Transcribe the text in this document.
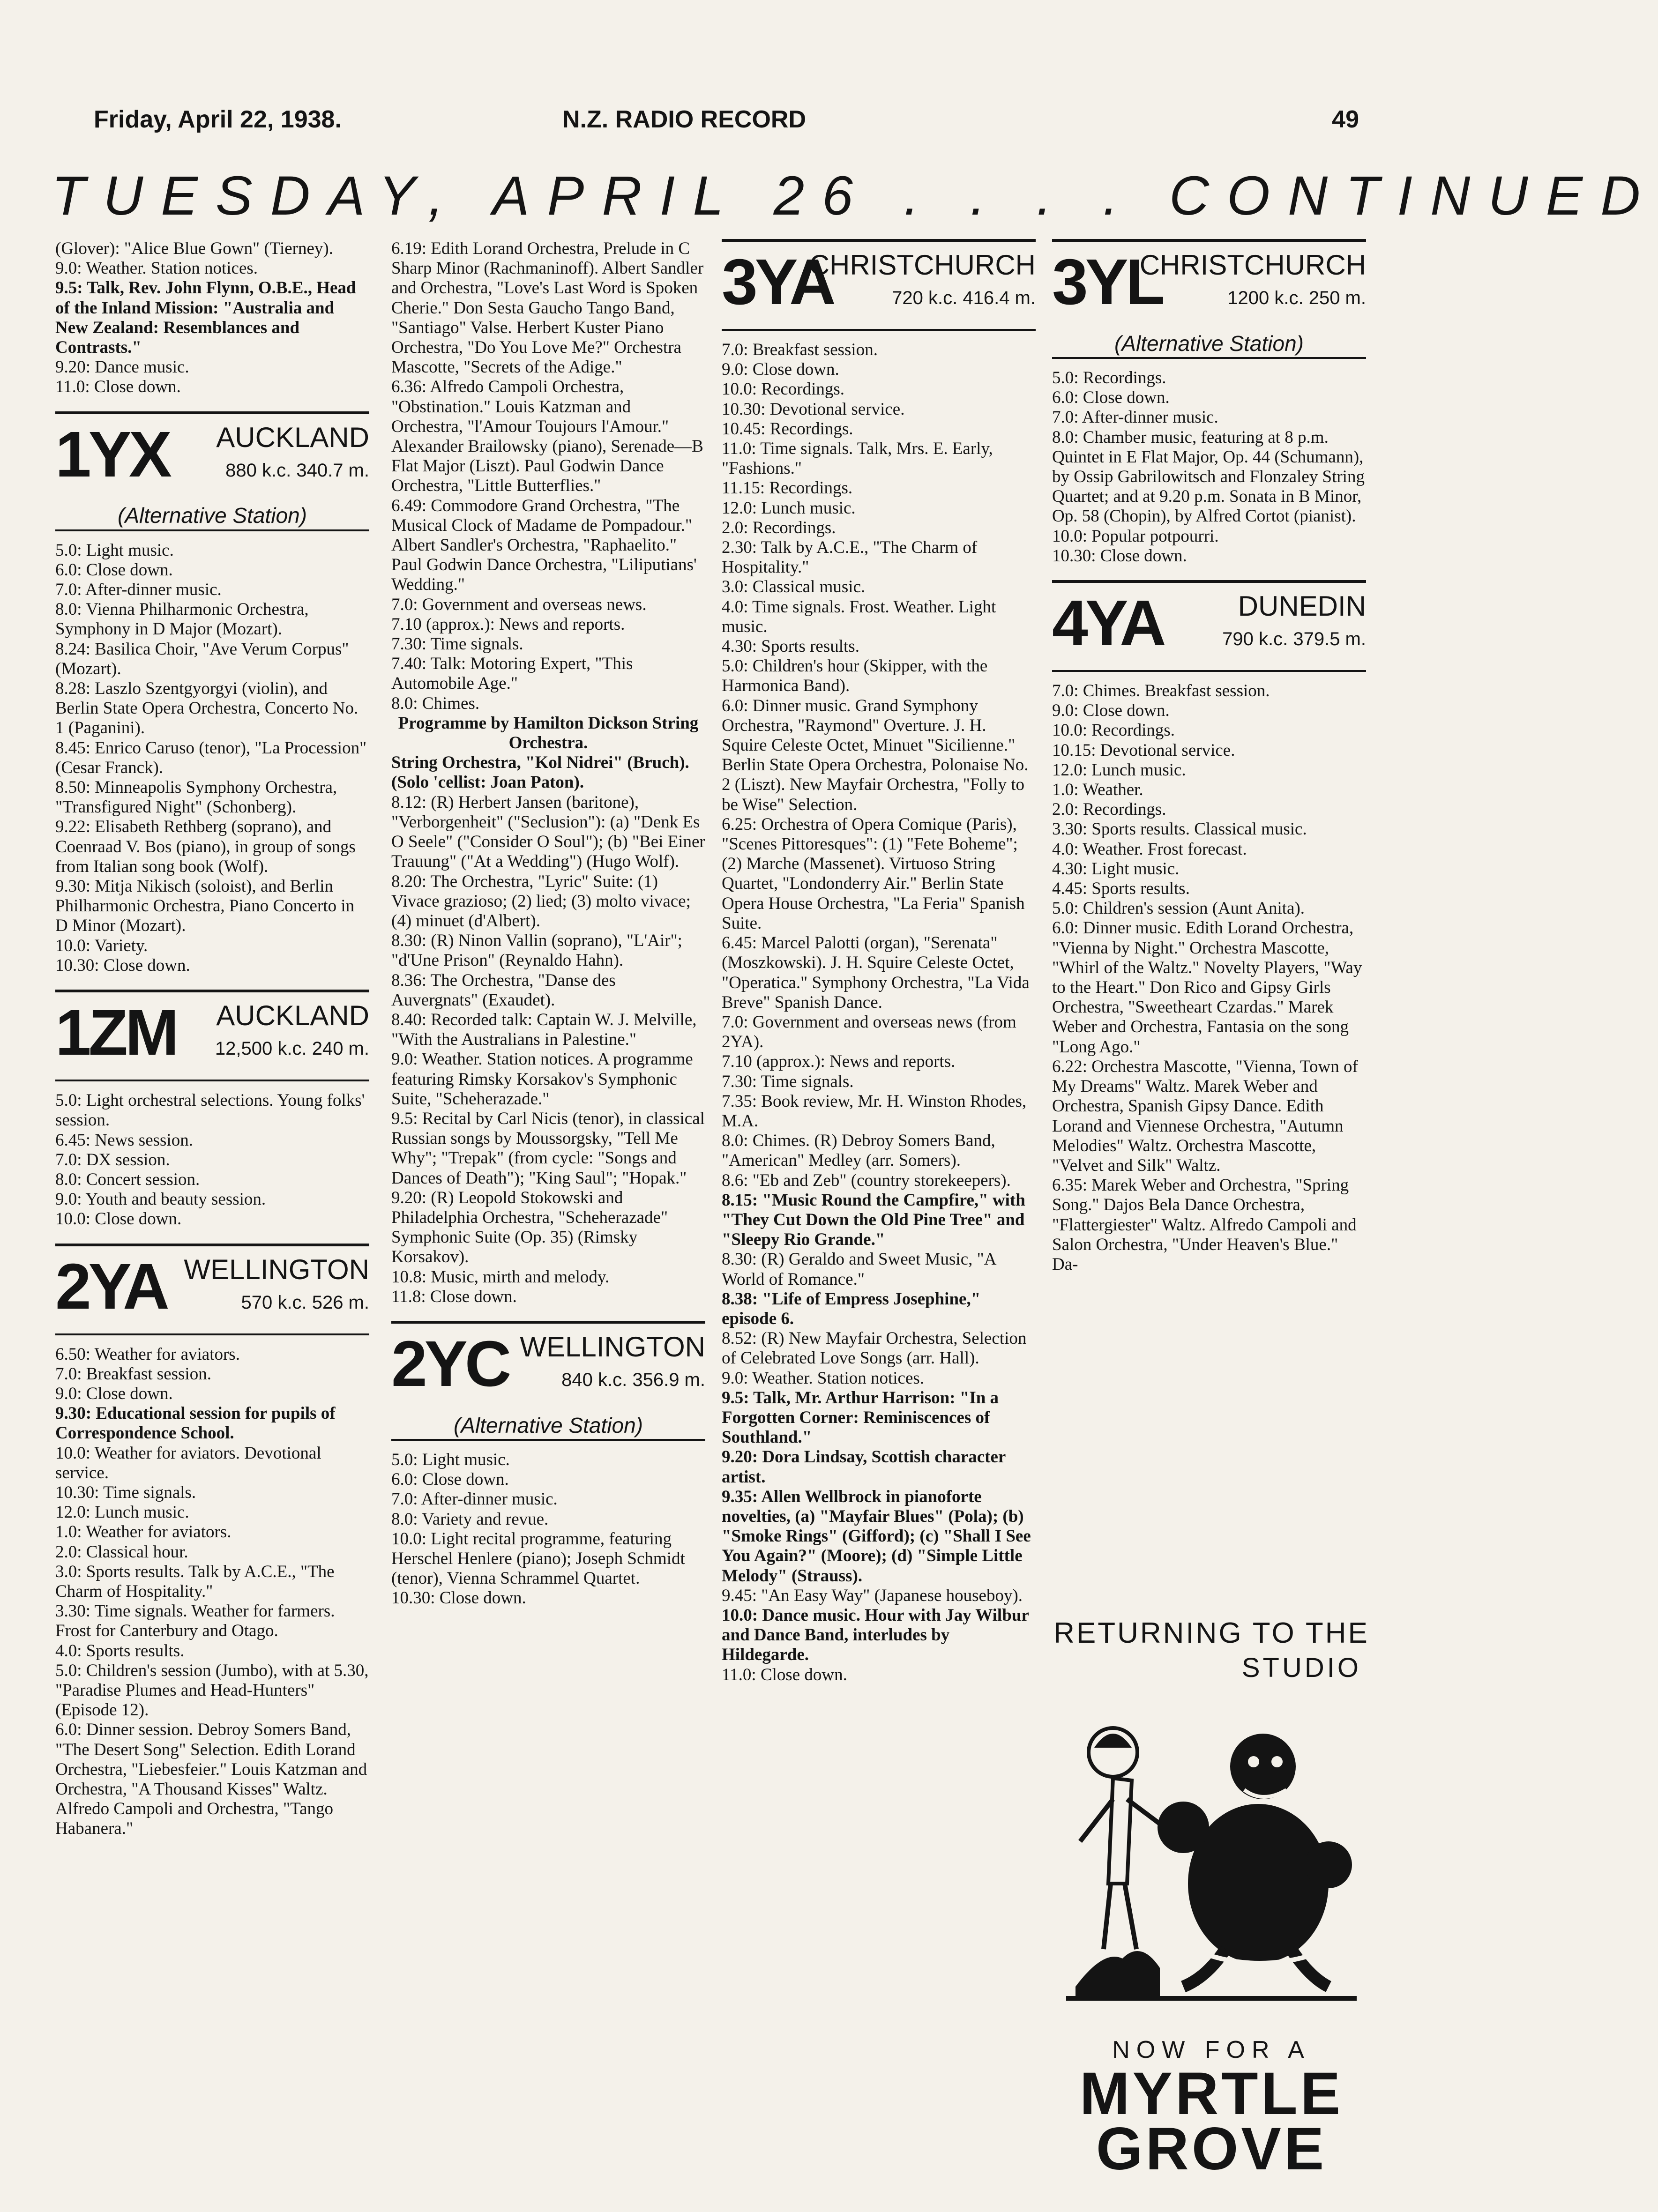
Friday, April 22, 1938.	N.Z. RADIO RECORD	49
TUESDAY, APRIL 26 . . . . CONTINUED

(Glover): "Alice Blue Gown" (Tierney).

9.0: Weather. Station notices.

9.5: Talk, Rev. John Flynn, O.B.E., Head of the Inland Mission: "Australia and New Zealand: Resemblances and Contrasts."

9.20: Dance music.

11.0: Close down.

1YX AUCKLAND
880 k.c. 340.7 m.
(Alternative Station)

5.0: Light music.

6.0: Close down.

7.0: After-dinner music.

8.0: Vienna Philharmonic Orchestra, Symphony in D Major (Mozart).

8.24: Basilica Choir, "Ave Verum Corpus" (Mozart).

8.28: Laszlo Szentgyorgyi (violin), and Berlin State Opera Orchestra, Concerto No. 1 (Paganini).

8.45: Enrico Caruso (tenor), "La Procession" (Cesar Franck).

8.50: Minneapolis Symphony Orchestra, "Transfigured Night" (Schonberg).

9.22: Elisabeth Rethberg (soprano), and Coenraad V. Bos (piano), in group of songs from Italian song book (Wolf).

9.30: Mitja Nikisch (soloist), and Berlin Philharmonic Orchestra, Piano Concerto in D Minor (Mozart).

10.0: Variety.

10.30: Close down.

1ZM AUCKLAND
12,500 k.c. 240 m.

5.0: Light orchestral selections. Young folks' session.

6.45: News session.

7.0: DX session.

8.0: Concert session.

9.0: Youth and beauty session.

10.0: Close down.

2YA WELLINGTON
570 k.c. 526 m.

6.50: Weather for aviators.

7.0: Breakfast session.

9.0: Close down.

9.30: Educational session for pupils of Correspondence School.

10.0: Weather for aviators. Devotional service.

10.30: Time signals.

12.0: Lunch music.

1.0: Weather for aviators.

2.0: Classical hour.

3.0: Sports results. Talk by A.C.E., "The Charm of Hospitality."

3.30: Time signals. Weather for farmers. Frost for Canterbury and Otago.

4.0: Sports results.

5.0: Children's session (Jumbo), with at 5.30, "Paradise Plumes and Head-Hunters" (Episode 12).

6.0: Dinner session. Debroy Somers Band, "The Desert Song" Selection. Edith Lorand Orchestra, "Liebesfeier." Louis Katzman and Orchestra, "A Thousand Kisses" Waltz. Alfredo Campoli and Orchestra, "Tango Habanera."

6.19: Edith Lorand Orchestra, Prelude in C Sharp Minor (Rachmaninoff). Albert Sandler and Orchestra, "Love's Last Word is Spoken Cherie." Don Sesta Gaucho Tango Band, "Santiago" Valse. Herbert Kuster Piano Orchestra, "Do You Love Me?" Orchestra Mascotte, "Secrets of the Adige."

6.36: Alfredo Campoli Orchestra, "Obstination." Louis Katzman and Orchestra, "l'Amour Toujours l'Amour." Alexander Brailowsky (piano), Serenade—B Flat Major (Liszt). Paul Godwin Dance Orchestra, "Little Butterflies."

6.49: Commodore Grand Orchestra, "The Musical Clock of Madame de Pompadour." Albert Sandler's Orchestra, "Raphaelito." Paul Godwin Dance Orchestra, "Liliputians' Wedding."

7.0: Government and overseas news.

7.10 (approx.): News and reports.

7.30: Time signals.

7.40: Talk: Motoring Expert, "This Automobile Age."

8.0: Chimes.

Programme by Hamilton Dickson String Orchestra.

String Orchestra, "Kol Nidrei" (Bruch). (Solo 'cellist: Joan Paton).

8.12: (R) Herbert Jansen (baritone), "Verborgenheit" ("Seclusion"): (a) "Denk Es O Seele" ("Consider O Soul"); (b) "Bei Einer Trauung" ("At a Wedding") (Hugo Wolf).

8.20: The Orchestra, "Lyric" Suite: (1) Vivace grazioso; (2) lied; (3) molto vivace; (4) minuet (d'Albert).

8.30: (R) Ninon Vallin (soprano), "L'Air"; "d'Une Prison" (Reynaldo Hahn).

8.36: The Orchestra, "Danse des Auvergnats" (Exaudet).

8.40: Recorded talk: Captain W. J. Melville, "With the Australians in Palestine."

9.0: Weather. Station notices. A programme featuring Rimsky Korsakov's Symphonic Suite, "Scheherazade."

9.5: Recital by Carl Nicis (tenor), in classical Russian songs by Moussorgsky, "Tell Me Why"; "Trepak" (from cycle: "Songs and Dances of Death"); "King Saul"; "Hopak."

9.20: (R) Leopold Stokowski and Philadelphia Orchestra, "Scheherazade" Symphonic Suite (Op. 35) (Rimsky Korsakov).

10.8: Music, mirth and melody.

11.8: Close down.

2YC WELLINGTON
840 k.c. 356.9 m.
(Alternative Station)

5.0: Light music.

6.0: Close down.

7.0: After-dinner music.

8.0: Variety and revue.

10.0: Light recital programme, featuring Herschel Henlere (piano); Joseph Schmidt (tenor), Vienna Schrammel Quartet.

10.30: Close down.

3YA
CHRISTCHURCH
720 k.c. 416.4 m.

7.0: Breakfast session.

9.0: Close down.

10.0: Recordings.

10.30: Devotional service.

10.45: Recordings.

11.0: Time signals. Talk, Mrs. E. Early, "Fashions."

11.15: Recordings.

12.0: Lunch music.

2.0: Recordings.

2.30: Talk by A.C.E., "The Charm of Hospitality."

3.0: Classical music.

4.0: Time signals. Frost. Weather. Light music.

4.30: Sports results.

5.0: Children's hour (Skipper, with the Harmonica Band).

6.0: Dinner music. Grand Symphony Orchestra, "Raymond" Overture. J. H. Squire Celeste Octet, Minuet "Sicilienne." Berlin State Opera Orchestra, Polonaise No. 2 (Liszt). New Mayfair Orchestra, "Folly to be Wise" Selection.

6.25: Orchestra of Opera Comique (Paris), "Scenes Pittoresques": (1) "Fete Boheme"; (2) Marche (Massenet). Virtuoso String Quartet, "Londonderry Air." Berlin State Opera House Orchestra, "La Feria" Spanish Suite.

6.45: Marcel Palotti (organ), "Serenata" (Moszkowski). J. H. Squire Celeste Octet, "Operatica." Symphony Orchestra, "La Vida Breve" Spanish Dance.

7.0: Government and overseas news (from 2YA).

7.10 (approx.): News and reports.

7.30: Time signals.

7.35: Book review, Mr. H. Winston Rhodes, M.A.

8.0: Chimes. (R) Debroy Somers Band, "American" Medley (arr. Somers).

8.6: "Eb and Zeb" (country storekeepers).

8.15: "Music Round the Campfire," with "They Cut Down the Old Pine Tree" and "Sleepy Rio Grande."

8.30: (R) Geraldo and Sweet Music, "A World of Romance."

8.38: "Life of Empress Josephine," episode 6.

8.52: (R) New Mayfair Orchestra, Selection of Celebrated Love Songs (arr. Hall).

9.0: Weather. Station notices.

9.5: Talk, Mr. Arthur Harrison: "In a Forgotten Corner: Reminiscences of Southland."

9.20: Dora Lindsay, Scottish character artist.

9.35: Allen Wellbrock in pianoforte novelties, (a) "Mayfair Blues" (Pola); (b) "Smoke Rings" (Gifford); (c) "Shall I See You Again?" (Moore); (d) "Simple Little Melody" (Strauss).

9.45: "An Easy Way" (Japanese houseboy).

10.0: Dance music. Hour with Jay Wilbur and Dance Band, interludes by Hildegarde.

11.0: Close down.

3YL
CHRISTCHURCH
1200 k.c. 250 m.
(Alternative Station)

5.0: Recordings.

6.0: Close down.

7.0: After-dinner music.

8.0: Chamber music, featuring at 8 p.m. Quintet in E Flat Major, Op. 44 (Schumann), by Ossip Gabrilowitsch and Flonzaley String Quartet; and at 9.20 p.m. Sonata in B Minor, Op. 58 (Chopin), by Alfred Cortot (pianist).

10.0: Popular potpourri.

10.30: Close down.

4YA	DUNEDIN
790 k.c. 379.5 m.

7.0: Chimes. Breakfast session.

9.0: Close down.

10.0: Recordings.

10.15: Devotional service.

12.0: Lunch music.

1.0: Weather.

2.0: Recordings.

3.30: Sports results. Classical music.

4.0: Weather. Frost forecast.

4.30: Light music.

4.45: Sports results.

5.0: Children's session (Aunt Anita).

6.0: Dinner music. Edith Lorand Orchestra, "Vienna by Night." Orchestra Mascotte, "Whirl of the Waltz." Novelty Players, "Way to the Heart." Don Rico and Gipsy Girls Orchestra, "Sweetheart Czardas." Marek Weber and Orchestra, Fantasia on the song "Long Ago."

6.22: Orchestra Mascotte, "Vienna, Town of My Dreams" Waltz. Marek Weber and Orchestra, Spanish Gipsy Dance. Edith Lorand and Viennese Orchestra, "Autumn Melodies" Waltz. Orchestra Mascotte, "Velvet and Silk" Waltz.

6.35: Marek Weber and Orchestra, "Spring Song." Dajos Bela Dance Orchestra, "Flattergiester" Waltz. Alfredo Campoli and Salon Orchestra, "Under Heaven's Blue." Da-

RETURNING TO THE
STUDIO
NOW FOR A
MYRTLE
GROVE
